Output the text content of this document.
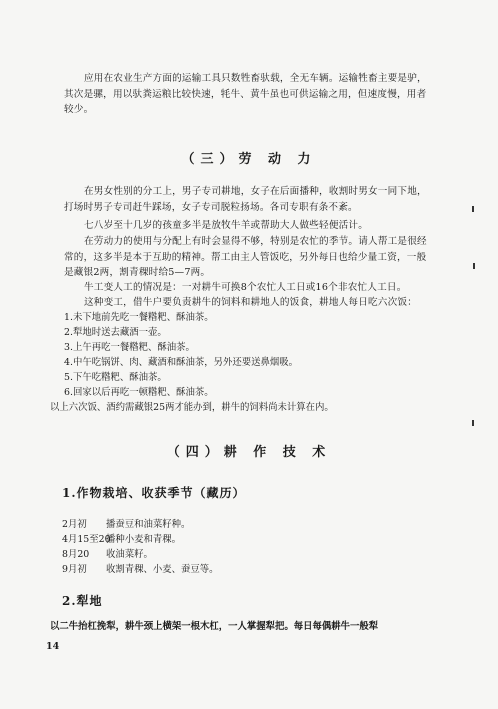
应用在农业生产方面的运输工具只数牲畜驮载，全无车辆。运输牲畜主要是驴，其次是骡，用以驮粪运粮比较快速，牦牛、黄牛虽也可供运输之用，但速度慢，用者较少。

（三）劳 动 力

在男女性别的分工上，男子专司耕地，女子在后面播种，收割时男女一同下地，打场时男子专司赶牛踩场，女子专司脱粒扬场。各司专职有条不紊。

七八岁至十几岁的孩童多半是放牧牛羊或帮助大人做些轻便活计。

在劳动力的使用与分配上有时会显得不够，特别是农忙的季节。请人帮工是很经常的，这多半是本于互助的精神。帮工由主人管饭吃，另外每日也给少量工资，一般是藏银2两，割青稞时给5—7两。

牛工变人工的情况是：一对耕牛可换8个农忙人工日或16个非农忙人工日。

这种变工，借牛户要负责耕牛的饲料和耕地人的饭食，耕地人每日吃六次饭：

1.未下地前先吃一餐糌粑、酥油茶。

2.犁地时送去藏酒一壶。

3.上午再吃一餐糌粑、酥油茶。

4.中午吃锅饼、肉、藏酒和酥油茶，另外还要送鼻烟吸。

5.下午吃糌粑、酥油茶。

6.回家以后再吃一顿糌粑、酥油茶。

以上六次饭、酒约需藏银25两才能办到，耕牛的饲料尚未计算在内。

（四）耕 作 技 术
1.作物栽培、收获季节（藏历）

2月初 播蚕豆和油菜籽种。

4月15至20播种小麦和青稞。

8月20 收油菜籽。

9月初 收割青稞、小麦、蚕豆等。

2.犁地

以二牛抬杠挽犁，耕牛颈上横架一根木杠，一人掌握犁把。每日每偶耕牛一般犁

14
